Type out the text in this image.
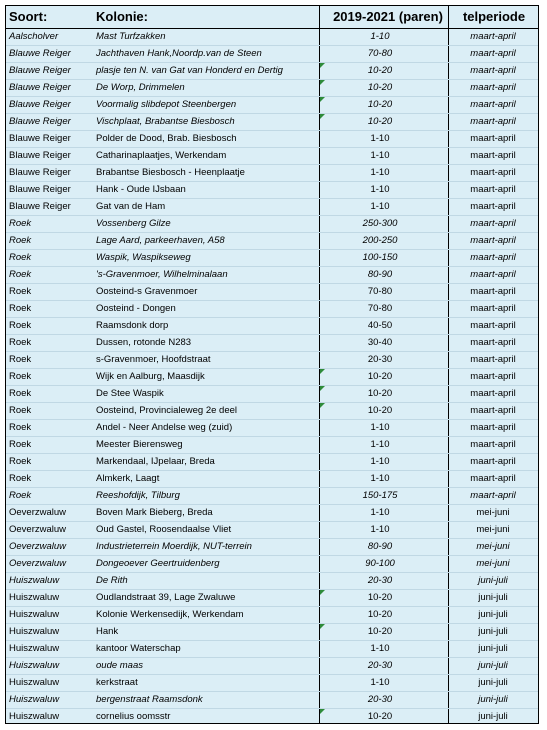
Soort:	Kolonie:	2019-2021 (paren)	telperiode
Aalscholver	Mast Turfzakken	1-10	maart-april
Blauwe Reiger	Jachthaven Hank,Noordp.van de Steen	70-80	maart-april
Blauwe Reiger	plasje ten N. van Gat van Honderd en Dertig	10-20	maart-april
Blauwe Reiger	De Worp, Drimmelen	10-20	maart-april
Blauwe Reiger	Voormalig slibdepot Steenbergen	10-20	maart-april
Blauwe Reiger	Vischplaat, Brabantse Biesbosch	10-20	maart-april
Blauwe Reiger	Polder de Dood, Brab. Biesbosch	1-10	maart-april
Blauwe Reiger	Catharinaplaatjes, Werkendam	1-10	maart-april
Blauwe Reiger	Brabantse Biesbosch - Heenplaatje	1-10	maart-april
Blauwe Reiger	Hank - Oude IJsbaan	1-10	maart-april
Blauwe Reiger	Gat van de Ham	1-10	maart-april
Roek	Vossenberg Gilze	250-300	maart-april
Roek	Lage Aard, parkeerhaven, A58	200-250	maart-april
Roek	Waspik, Waspikseweg	100-150	maart-april
Roek	's-Gravenmoer, Wilhelminalaan	80-90	maart-april
Roek	Oosteind-s Gravenmoer	70-80	maart-april
Roek	Oosteind - Dongen	70-80	maart-april
Roek	Raamsdonk dorp	40-50	maart-april
Roek	Dussen, rotonde N283	30-40	maart-april
Roek	s-Gravenmoer, Hoofdstraat	20-30	maart-april
Roek	Wijk en Aalburg, Maasdijk	10-20	maart-april
Roek	De Stee Waspik	10-20	maart-april
Roek	Oosteind, Provincialeweg 2e deel	10-20	maart-april
Roek	Andel - Neer Andelse weg (zuid)	1-10	maart-april
Roek	Meester Bierensweg	1-10	maart-april
Roek	Markendaal, IJpelaar, Breda	1-10	maart-april
Roek	Almkerk, Laagt	1-10	maart-april
Roek	Reeshofdijk, Tilburg	150-175	maart-april
Oeverzwaluw	Boven Mark Bieberg, Breda	1-10	mei-juni
Oeverzwaluw	Oud Gastel, Roosendaalse Vliet	1-10	mei-juni
Oeverzwaluw	Industrieterrein Moerdijk, NUT-terrein	80-90	mei-juni
Oeverzwaluw	Dongeoever Geertruidenberg	90-100	mei-juni
Huiszwaluw	De Rith	20-30	juni-juli
Huiszwaluw	Oudlandstraat 39, Lage Zwaluwe	10-20	juni-juli
Huiszwaluw	Kolonie Werkensedijk, Werkendam	10-20	juni-juli
Huiszwaluw	Hank	10-20	juni-juli
Huiszwaluw	kantoor Waterschap	1-10	juni-juli
Huiszwaluw	oude maas	20-30	juni-juli
Huiszwaluw	kerkstraat	1-10	juni-juli
Huiszwaluw	bergenstraat Raamsdonk	20-30	juni-juli
Huiszwaluw	cornelius oomsstr	10-20	juni-juli
